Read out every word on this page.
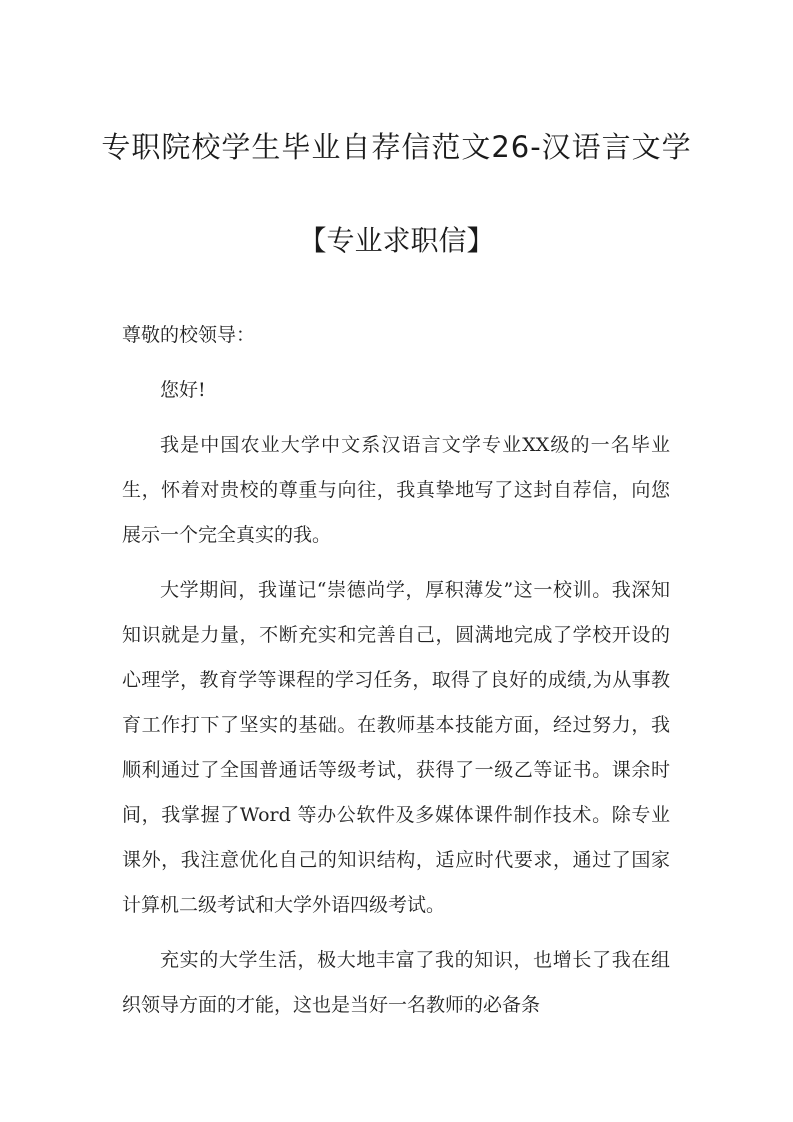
专职院校学生毕业自荐信范文26-汉语言文学
【专业求职信】

尊敬的校领导：

您好!

我是中国农业大学中文系汉语言文学专业XX级的一名毕业生，怀着对贵校的尊重与向往，我真挚地写了这封自荐信，向您展示一个完全真实的我。

大学期间，我谨记“崇德尚学，厚积薄发”这一校训。我深知知识就是力量，不断充实和完善自己，圆满地完成了学校开设的心理学，教育学等课程的学习任务，取得了良好的成绩,为从事教育工作打下了坚实的基础。在教师基本技能方面，经过努力，我顺利通过了全国普通话等级考试，获得了一级乙等证书。课余时间，我掌握了Word 等办公软件及多媒体课件制作技术。除专业课外，我注意优化自己的知识结构，适应时代要求，通过了国家计算机二级考试和大学外语四级考试。

充实的大学生活，极大地丰富了我的知识，也增长了我在组织领导方面的才能，这也是当好一名教师的必备条
